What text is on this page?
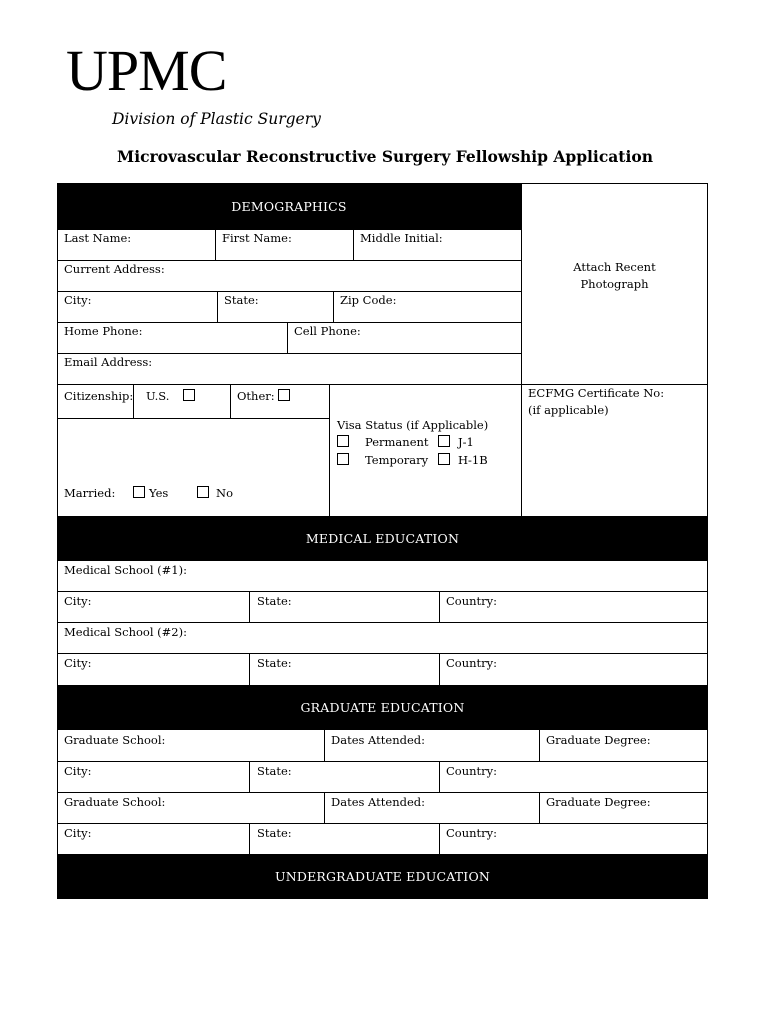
UPMC
Division of Plastic Surgery
Microvascular Reconstructive Surgery Fellowship Application
DEMOGRAPHICS
Attach Recent
Photograph
Last Name:	First Name:	Middle Initial:
Current Address:
City:	State:	Zip Code:
Home Phone:	Cell Phone:
Email Address:
Citizenship: U.S.	Other:	ECFMG Certificate No:
(if applicable)
Visa Status (if Applicable)
Permanent	J-1
Temporary	H-1B
Married:	Yes	No
MEDICAL EDUCATION
Medical School (#1):
City:	State:	Country:
Medical School (#2):
City:	State:	Country:
GRADUATE EDUCATION
Graduate School:	Dates Attended:	Graduate Degree:
City:	State:	Country:
Graduate School:	Dates Attended:	Graduate Degree:
City:	State:	Country:
UNDERGRADUATE EDUCATION
